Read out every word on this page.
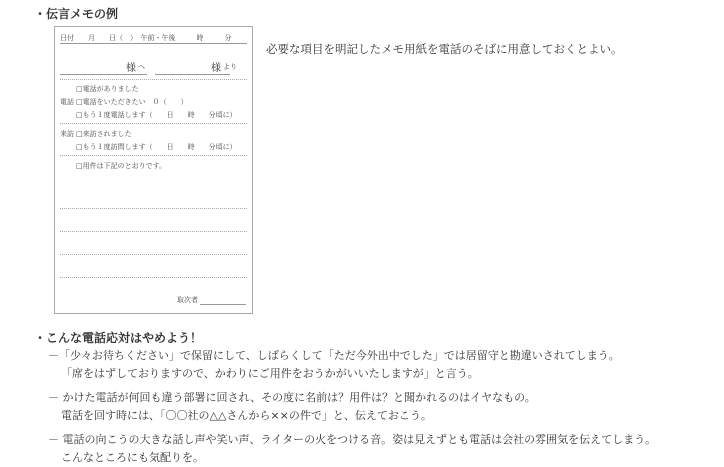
・伝言メモの例
日付　　月　　日（　）　午前・午後　　　時　　　分
様 へ	様 より
□電話がありました
電話 □電話をいただきたい　０（　　）
□もう１度電話します（　　日　　時　　分頃に）
来訪 □来訪されました
□もう１度訪問します（　　日　　時　　分頃に）
□用件は下記のとおりです。
取次者
必要な項目を明記したメモ用紙を電話のそばに用意しておくとよい。
・こんな電話応対はやめよう！
－「少々お待ちください」で保留にして、しばらくして「ただ今外出中でした」では居留守と勘違いされてしまう。
「席をはずしておりますので、かわりにご用件をおうかがいいたしますが」と言う。
－ かけた電話が何回も違う部署に回され、その度に名前は？用件は？と聞かれるのはイヤなもの。
電話を回す時には、「〇〇社の△△さんから××の件で」と、伝えておこう。
－ 電話の向こうの大きな話し声や笑い声、ライターの火をつける音。姿は見えずとも電話は会社の雰囲気を伝えてしまう。
こんなところにも気配りを。
